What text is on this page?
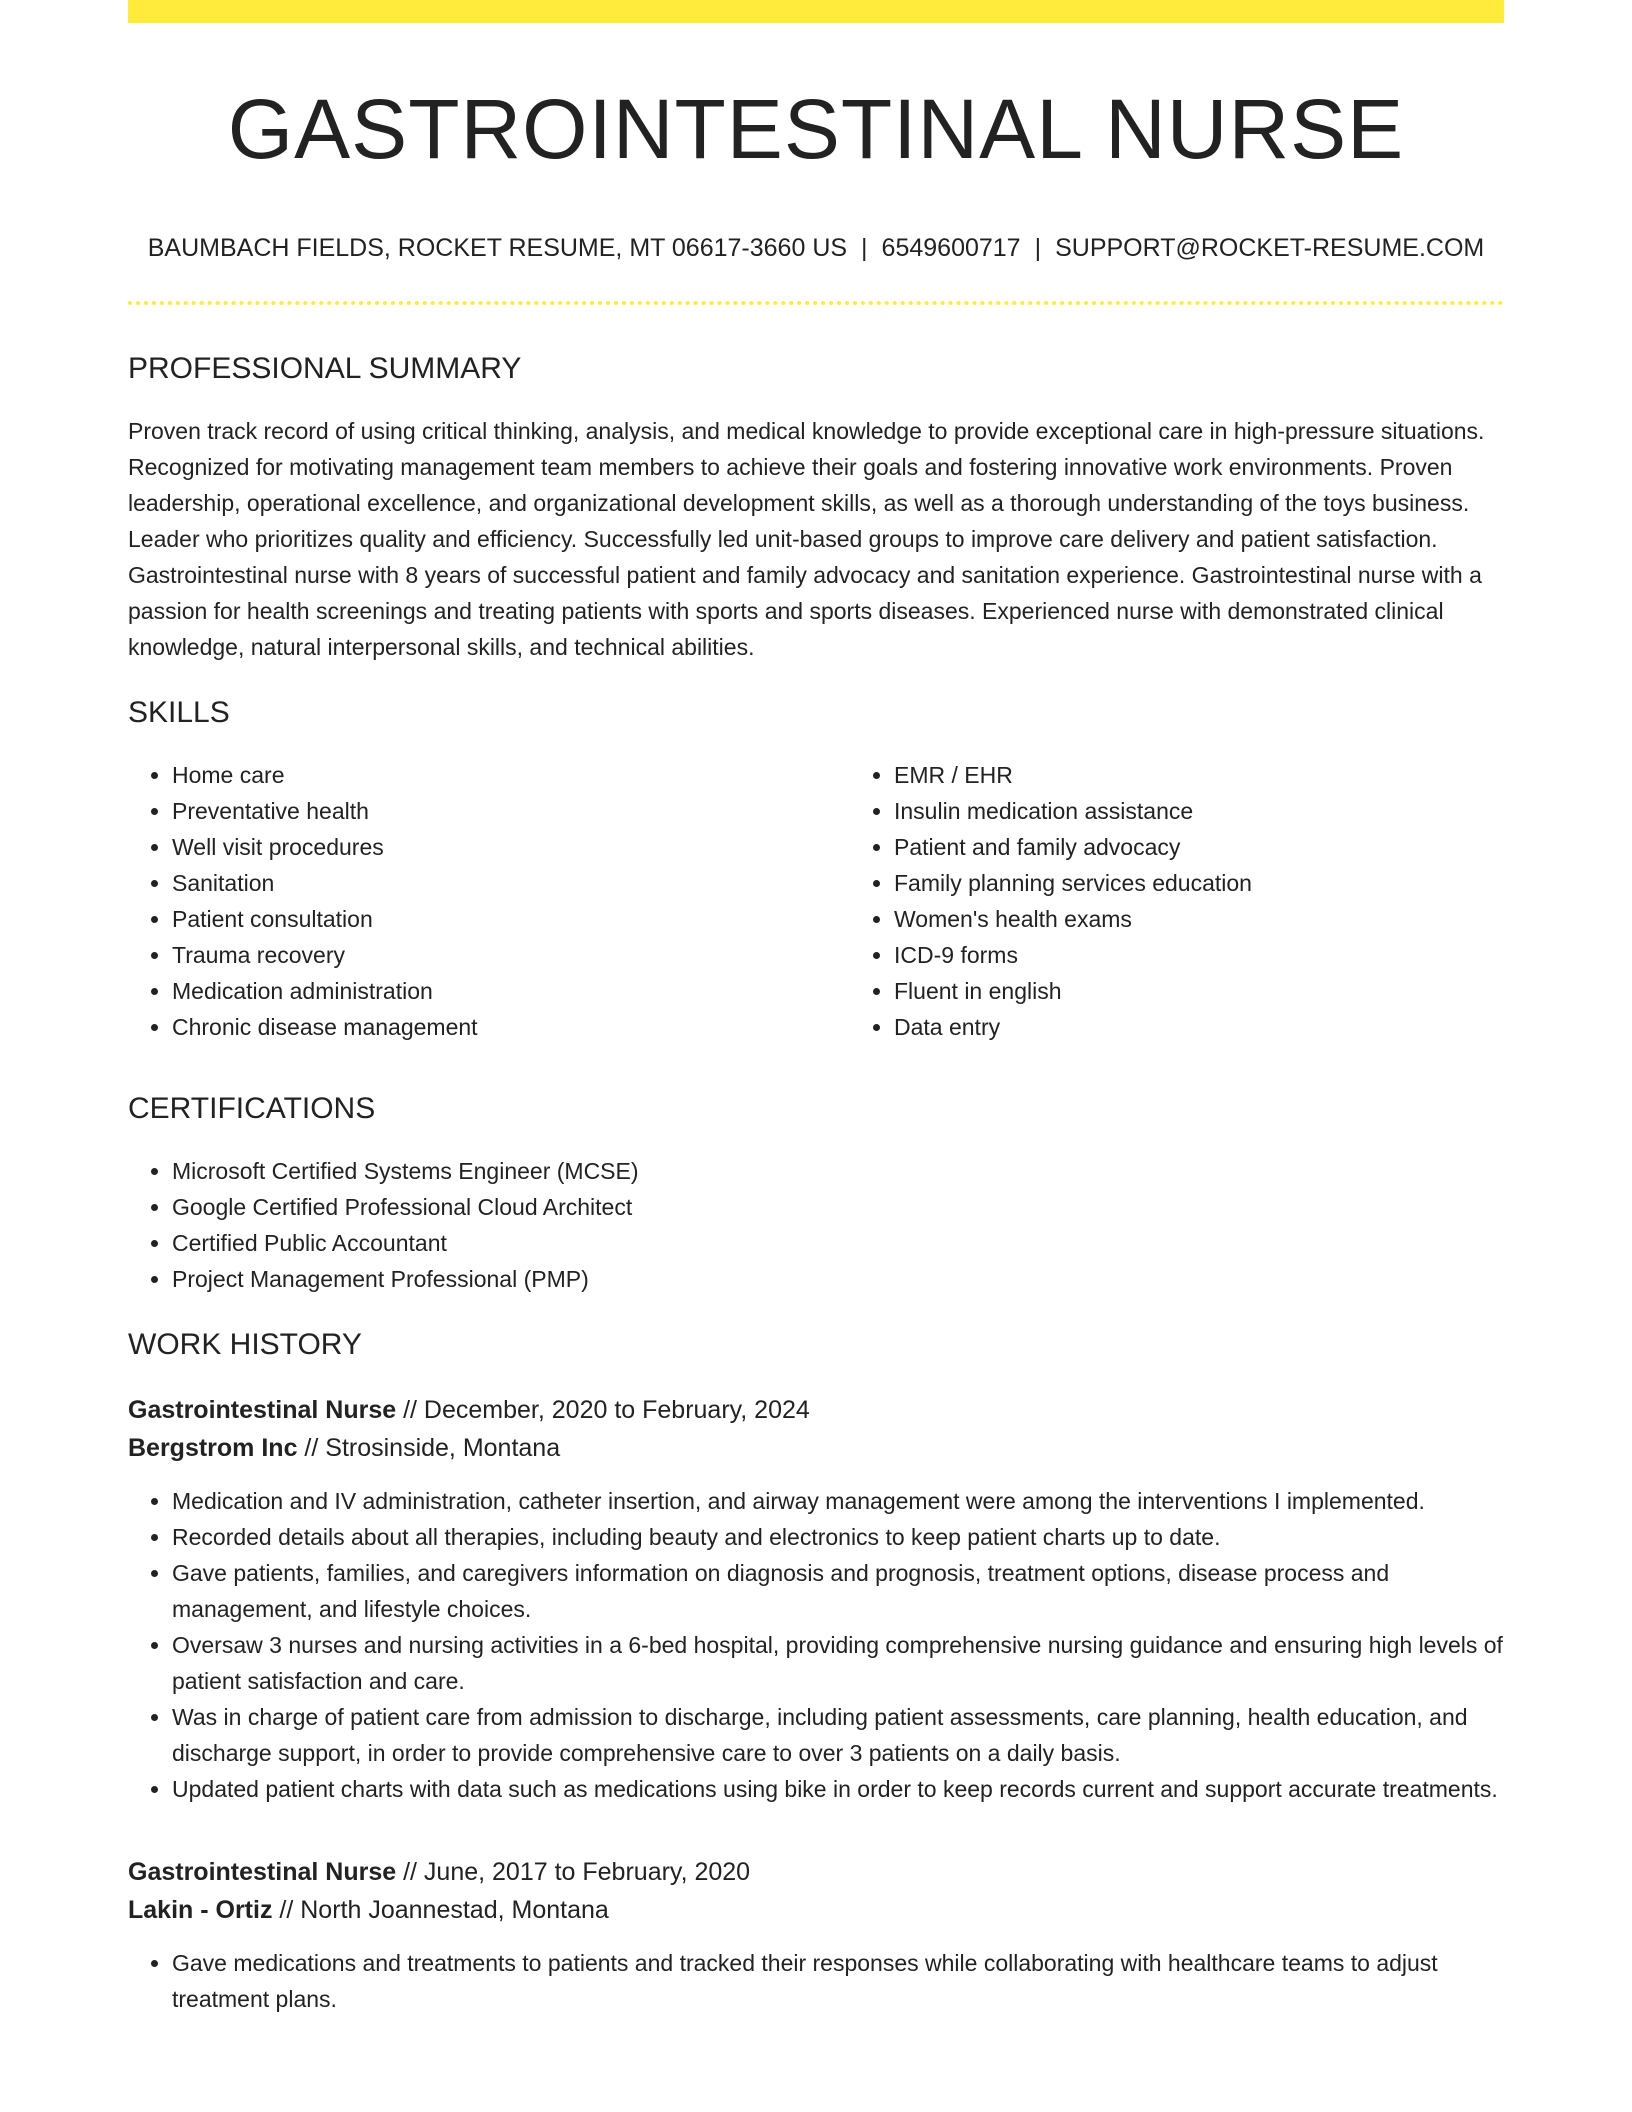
GASTROINTESTINAL NURSE
BAUMBACH FIELDS, ROCKET RESUME, MT 06617-3660 US | 6549600717 | SUPPORT@ROCKET-RESUME.COM
PROFESSIONAL SUMMARY

Proven track record of using critical thinking, analysis, and medical knowledge to provide exceptional care in high-pressure situations. Recognized for motivating management team members to achieve their goals and fostering innovative work environments. Proven leadership, operational excellence, and organizational development skills, as well as a thorough understanding of the toys business. Leader who prioritizes quality and efficiency. Successfully led unit-based groups to improve care delivery and patient satisfaction. Gastrointestinal nurse with 8 years of successful patient and family advocacy and sanitation experience. Gastrointestinal nurse with a passion for health screenings and treating patients with sports and sports diseases. Experienced nurse with demonstrated clinical knowledge, natural interpersonal skills, and technical abilities.

SKILLS
• Home care
• Preventative health
• Well visit procedures
• Sanitation
• Patient consultation
• Trauma recovery
• Medication administration
• Chronic disease management
• EMR / EHR
• Insulin medication assistance
• Patient and family advocacy
• Family planning services education
• Women's health exams
• ICD-9 forms
• Fluent in english
• Data entry
CERTIFICATIONS
• Microsoft Certified Systems Engineer (MCSE)
• Google Certified Professional Cloud Architect
• Certified Public Accountant
• Project Management Professional (PMP)
WORK HISTORY
Gastrointestinal Nurse // December, 2020 to February, 2024
Bergstrom Inc // Strosinside, Montana
• Medication and IV administration, catheter insertion, and airway management were among the interventions I implemented.
• Recorded details about all therapies, including beauty and electronics to keep patient charts up to date.
• Gave patients, families, and caregivers information on diagnosis and prognosis, treatment options, disease process and management, and lifestyle choices.
• Oversaw 3 nurses and nursing activities in a 6-bed hospital, providing comprehensive nursing guidance and ensuring high levels of patient satisfaction and care.
• Was in charge of patient care from admission to discharge, including patient assessments, care planning, health education, and discharge support, in order to provide comprehensive care to over 3 patients on a daily basis.
• Updated patient charts with data such as medications using bike in order to keep records current and support accurate treatments.
Gastrointestinal Nurse // June, 2017 to February, 2020
Lakin - Ortiz // North Joannestad, Montana
• Gave medications and treatments to patients and tracked their responses while collaborating with healthcare teams to adjust treatment plans.
